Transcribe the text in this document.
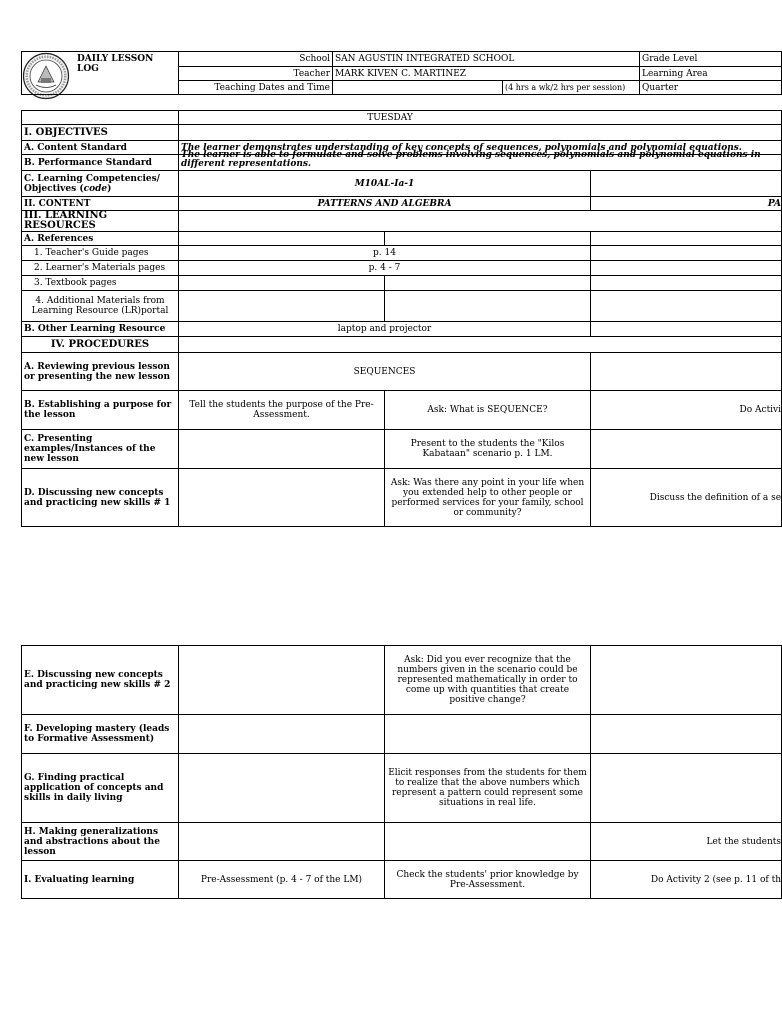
DAILY LESSON LOG	School	SAN AGUSTIN INTEGRATED SCHOOL		Grade Level
	Teacher	MARK KIVEN C. MARTINEZ		Learning Area
	Teaching Dates and Time		(4 hrs a wk/2 hrs per session)	Quarter
	TUESDAY		
I. OBJECTIVES			
A. Content Standard	The learner demonstrates understanding of key concepts of sequences, polynomials and polynomial equations.		
B. Performance Standard	The learner is able to formulate and solve problems involving sequences, polynomials and polynomial equations in different representations.		

C. Learning Competencies/
Objectives (code)	M10AL-Ia-1		
II. CONTENT	PATTERNS AND ALGEBRA		PA
III. LEARNING RESOURCES			
A. References			
1. Teacher's Guide pages	p. 14		
2. Learner's Materials pages	p. 4 - 7		
3. Textbook pages			
4. Additional Materials from Learning Resource (LR)portal			
B. Other Learning Resource	laptop and projector		
IV. PROCEDURES			
A. Reviewing previous lesson or presenting the new lesson	SEQUENCES		
B. Establishing a purpose for the lesson	Tell the students the purpose of the Pre-Assessment.	Ask: What is SEQUENCE?	Do Activi
C. Presenting examples/Instances of the new lesson		Present to the students the "Kilos Kabataan" scenario p. 1 LM.	
D. Discussing new concepts and practicing new skills # 1		Ask: Was there any point in your life when you extended help to other people or performed services for your family, school or community?	Discuss the definition of a se
E. Discussing new concepts and practicing new skills # 2		Ask: Did you ever recognize that the numbers given in the scenario could be represented mathematically in order to come up with quantities that create positive change?	
F. Developing mastery (leads to Formative Assessment)			
G. Finding practical application of concepts and skills in daily living		Elicit responses from the students for them to realize that the above numbers which represent a pattern could represent some situations in real life.	
H. Making generalizations and abstractions about the lesson			Let the students
I. Evaluating learning	Pre-Assessment (p. 4 - 7 of the LM)	Check the students' prior knowledge by Pre-Assessment.	Do Activity 2 (see p. 11 of th
